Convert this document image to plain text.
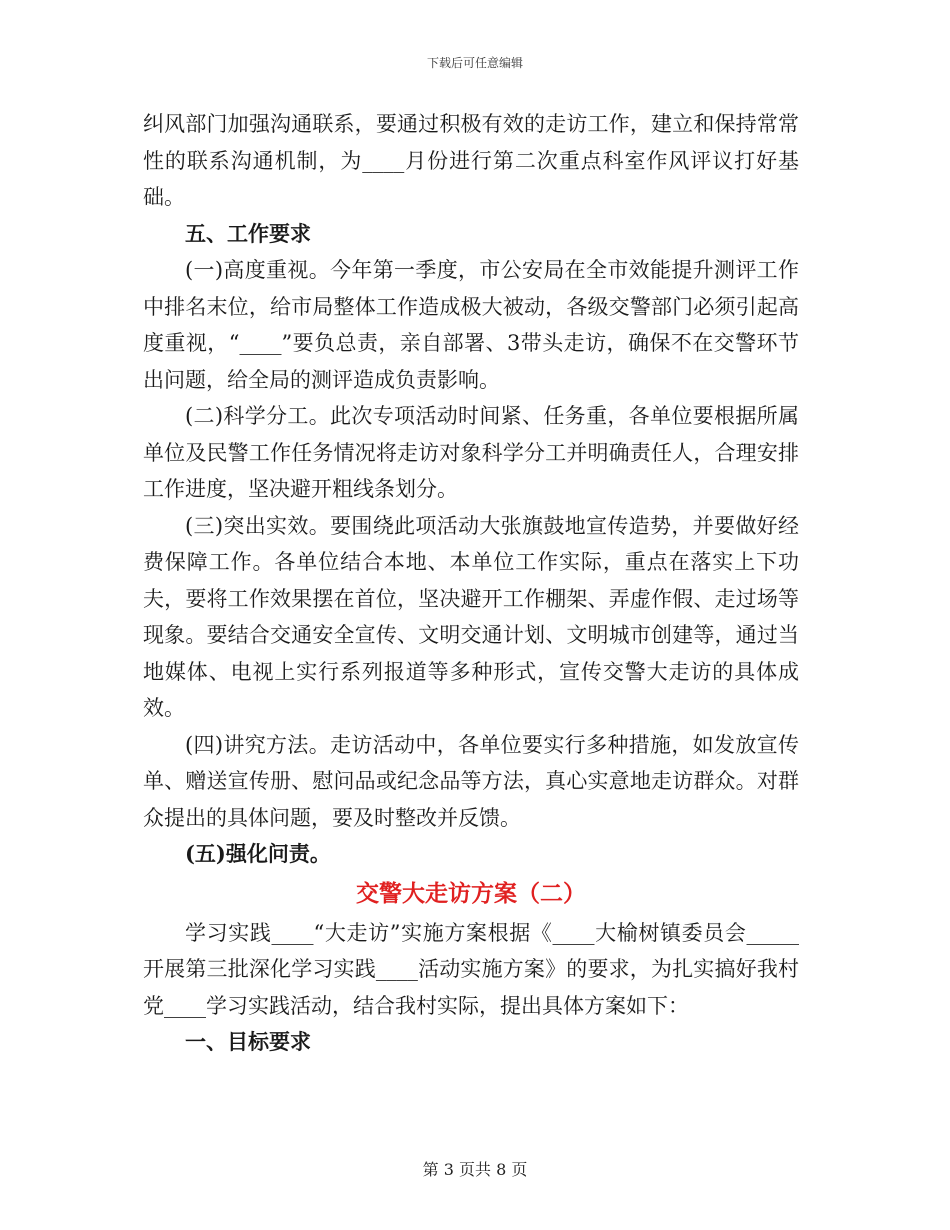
下载后可任意编辑

纠风部门加强沟通联系，要通过积极有效的走访工作，建立和保持常常性的联系沟通机制，为____月份进行第二次重点科室作风评议打好基础。

五、工作要求

(一)高度重视。今年第一季度，市公安局在全市效能提升测评工作中排名末位，给市局整体工作造成极大被动，各级交警部门必须引起高度重视，“____”要负总责，亲自部署、3带头走访，确保不在交警环节出问题，给全局的测评造成负责影响。

(二)科学分工。此次专项活动时间紧、任务重，各单位要根据所属单位及民警工作任务情况将走访对象科学分工并明确责任人，合理安排工作进度，坚决避开粗线条划分。

(三)突出实效。要围绕此项活动大张旗鼓地宣传造势，并要做好经费保障工作。各单位结合本地、本单位工作实际，重点在落实上下功夫，要将工作效果摆在首位，坚决避开工作棚架、弄虚作假、走过场等现象。要结合交通安全宣传、文明交通计划、文明城市创建等，通过当地媒体、电视上实行系列报道等多种形式，宣传交警大走访的具体成效。

(四)讲究方法。走访活动中，各单位要实行多种措施，如发放宣传单、赠送宣传册、慰问品或纪念品等方法，真心实意地走访群众。对群众提出的具体问题，要及时整改并反馈。

(五)强化问责。
交警大走访方案（二）

学习实践____“大走访”实施方案根据《____大榆树镇委员会_____开展第三批深化学习实践____活动实施方案》的要求，为扎实搞好我村党____学习实践活动，结合我村实际，提出具体方案如下：

一、目标要求
第 3 页共 8 页
